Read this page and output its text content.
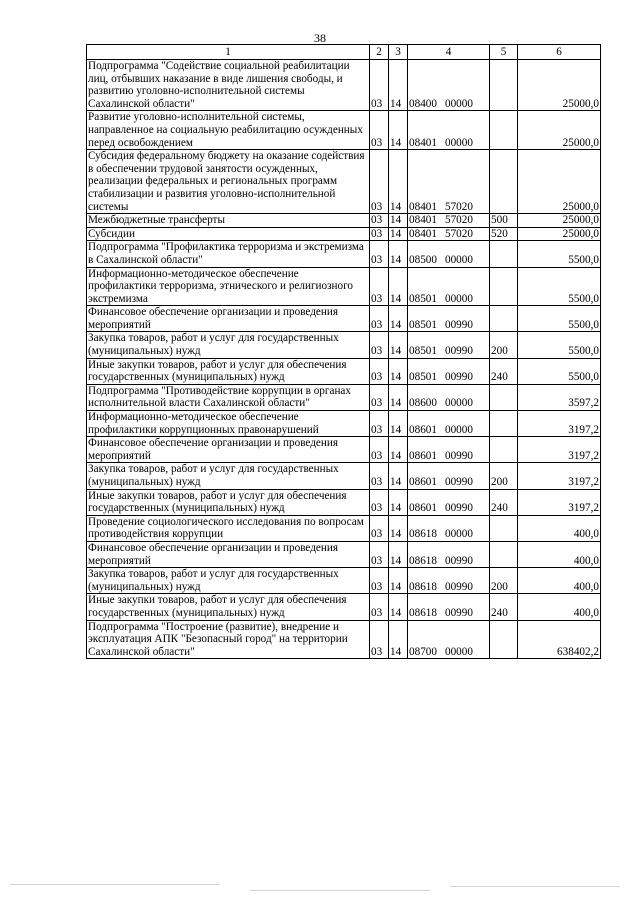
38
1	2	3	4	5	6
Подпрограмма "Содействие социальной реабилитации лиц, отбывших наказание в виде лишения свободы, и развитию уголовно-исполнительной системы Сахалинской области"	03	14	08400 00000		25000,0
Развитие уголовно-исполнительной системы, направленное на социальную реабилитацию осужденных перед освобождением	03	14	08401 00000		25000,0
Субсидия федеральному бюджету на оказание содействия в обеспечении трудовой занятости осужденных, реализации федеральных и региональных программ стабилизации и развития уголовно-исполнительной системы	03	14	08401 57020		25000,0
Межбюджетные трансферты	03	14	08401 57020	500	25000,0
Субсидии	03	14	08401 57020	520	25000,0
Подпрограмма "Профилактика терроризма и экстремизма в Сахалинской области"	03	14	08500 00000		5500,0
Информационно-методическое обеспечение профилактики терроризма, этнического и религиозного экстремизма	03	14	08501 00000		5500,0
Финансовое обеспечение организации и проведения мероприятий	03	14	08501 00990		5500,0
Закупка товаров, работ и услуг для государственных (муниципальных) нужд	03	14	08501 00990	200	5500,0
Иные закупки товаров, работ и услуг для обеспечения государственных (муниципальных) нужд	03	14	08501 00990	240	5500,0
Подпрограмма "Противодействие коррупции в органах исполнительной власти Сахалинской области"	03	14	08600 00000		3597,2
Информационно-методическое обеспечение профилактики коррупционных правонарушений	03	14	08601 00000		3197,2
Финансовое обеспечение организации и проведения мероприятий	03	14	08601 00990		3197,2
Закупка товаров, работ и услуг для государственных (муниципальных) нужд	03	14	08601 00990	200	3197,2
Иные закупки товаров, работ и услуг для обеспечения государственных (муниципальных) нужд	03	14	08601 00990	240	3197,2
Проведение социологического исследования по вопросам противодействия коррупции	03	14	08618 00000		400,0
Финансовое обеспечение организации и проведения мероприятий	03	14	08618 00990		400,0
Закупка товаров, работ и услуг для государственных (муниципальных) нужд	03	14	08618 00990	200	400,0
Иные закупки товаров, работ и услуг для обеспечения государственных (муниципальных) нужд	03	14	08618 00990	240	400,0
Подпрограмма "Построение (развитие), внедрение и эксплуатация АПК "Безопасный город" на территории Сахалинской области"	03	14	08700 00000		638402,2
